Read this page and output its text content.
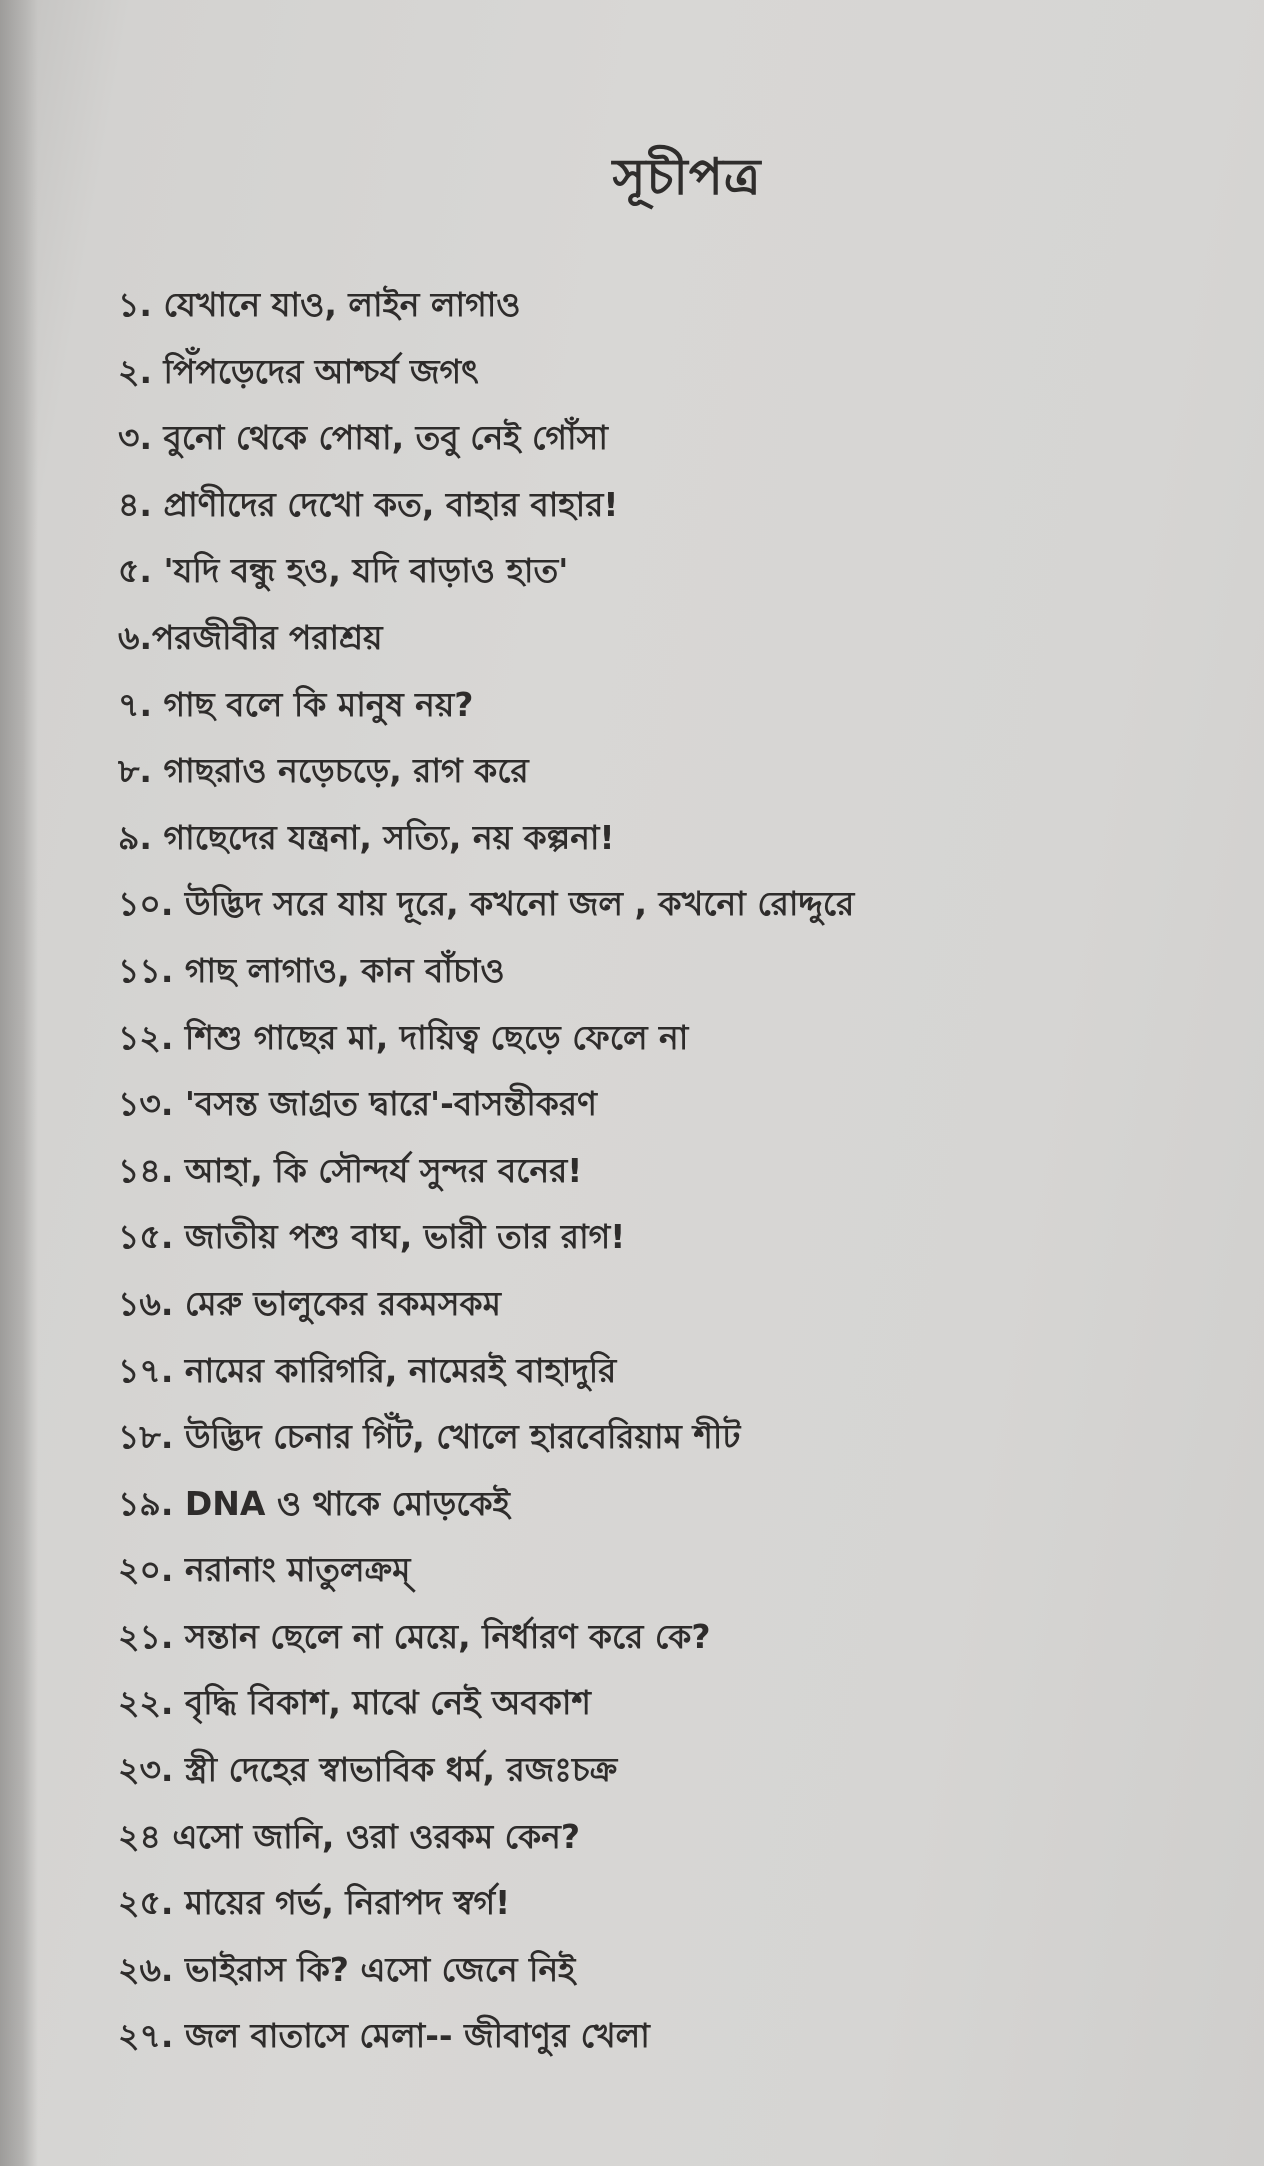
সূচীপত্র
১. যেখানে যাও, লাইন লাগাও
২. পিঁপড়েদের আশ্চর্য জগৎ
৩. বুনো থেকে পোষা, তবু নেই গোঁসা
৪. প্রাণীদের দেখো কত, বাহার বাহার!
৫. 'যদি বন্ধু হও, যদি বাড়াও হাত'
৬.পরজীবীর পরাশ্রয়
৭. গাছ বলে কি মানুষ নয়?
৮. গাছরাও নড়েচড়ে, রাগ করে
৯. গাছেদের যন্ত্রনা, সত্যি, নয় কল্পনা!
১০. উদ্ভিদ সরে যায় দূরে, কখনো জল , কখনো রোদ্দুরে
১১. গাছ লাগাও, কান বাঁচাও
১২. শিশু গাছের মা, দায়িত্ব ছেড়ে ফেলে না
১৩. 'বসন্ত জাগ্রত দ্বারে'-বাসন্তীকরণ
১৪. আহা, কি সৌন্দর্য সুন্দর বনের!
১৫. জাতীয় পশু বাঘ, ভারী তার রাগ!
১৬. মেরু ভালুকের রকমসকম
১৭. নামের কারিগরি, নামেরই বাহাদুরি
১৮. উদ্ভিদ চেনার গিঁট, খোলে হারবেরিয়াম শীট
১৯. DNA ও থাকে মোড়কেই
২০. নরানাং মাতুলক্রম্
২১. সন্তান ছেলে না মেয়ে, নির্ধারণ করে কে?
২২. বৃদ্ধি বিকাশ, মাঝে নেই অবকাশ
২৩. স্ত্রী দেহের স্বাভাবিক ধর্ম, রজঃচক্র
২৪ এসো জানি, ওরা ওরকম কেন?
২৫. মায়ের গর্ভ, নিরাপদ স্বর্গ!
২৬. ভাইরাস কি? এসো জেনে নিই
২৭. জল বাতাসে মেলা-- জীবাণুর খেলা
